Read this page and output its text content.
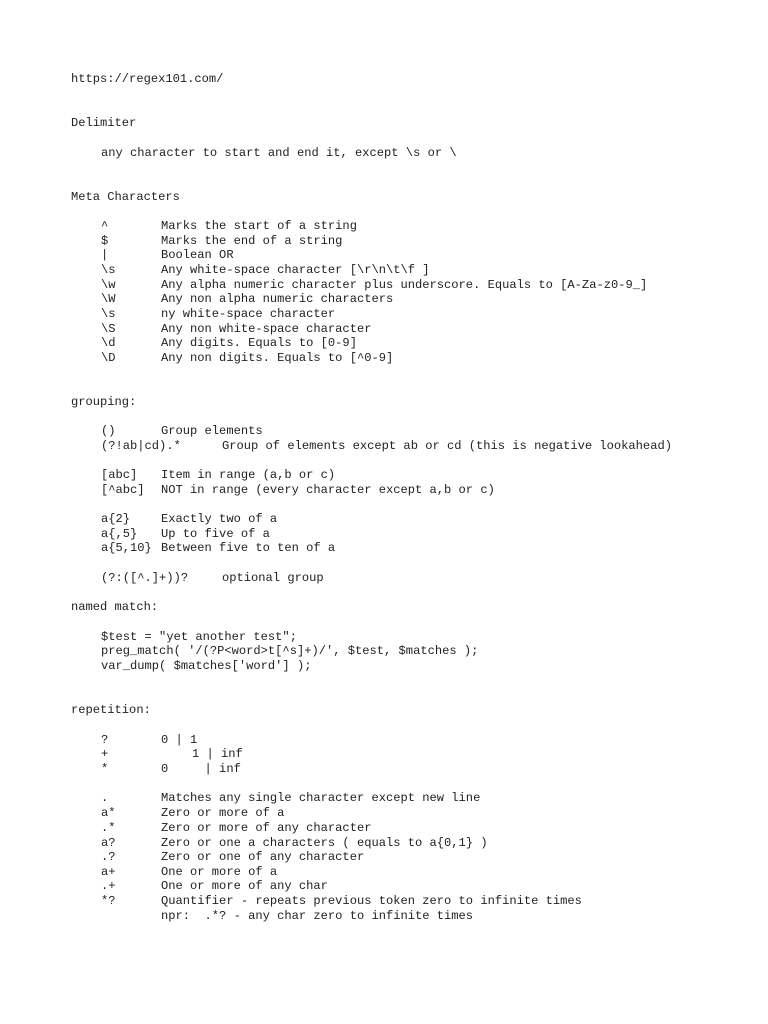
https://regex101.com/
Delimiter
any character to start and end it, except \s or \
Meta Characters
^	Marks the start of a string
$	Marks the end of a string
|	Boolean OR
\s	Any white-space character [\r\n\t\f ]
\w	Any alpha numeric character plus underscore. Equals to [A-Za-z0-9_]
\W	Any non alpha numeric characters
\s	ny white-space character
\S	Any non white-space character
\d	Any digits. Equals to [0-9]
\D	Any non digits. Equals to [^0-9]
grouping:
()	Group elements
(?!ab|cd).*	Group of elements except ab or cd (this is negative lookahead)
[abc] Item in range (a,b or c)
[^abc] NOT in range (every character except a,b or c)
a{2}	Exactly two of a
a{,5} Up to five of a
a{5,10} Between five to ten of a
(?:([^.]+))?	optional group
named match:
$test = "yet another test";
preg_match( '/(?P<word>t[^s]+)/', $test, $matches );
var_dump( $matches['word'] );
repetition:
?	0 | 1
+	1 | inf
*	0     | inf
.	Matches any single character except new line
a*	Zero or more of a
.*	Zero or more of any character
a?	Zero or one a characters ( equals to a{0,1} )
.?	Zero or one of any character
a+	One or more of a
.+	One or more of any char
*?	Quantifier - repeats previous token zero to infinite times
npr:  .*? - any char zero to infinite times
